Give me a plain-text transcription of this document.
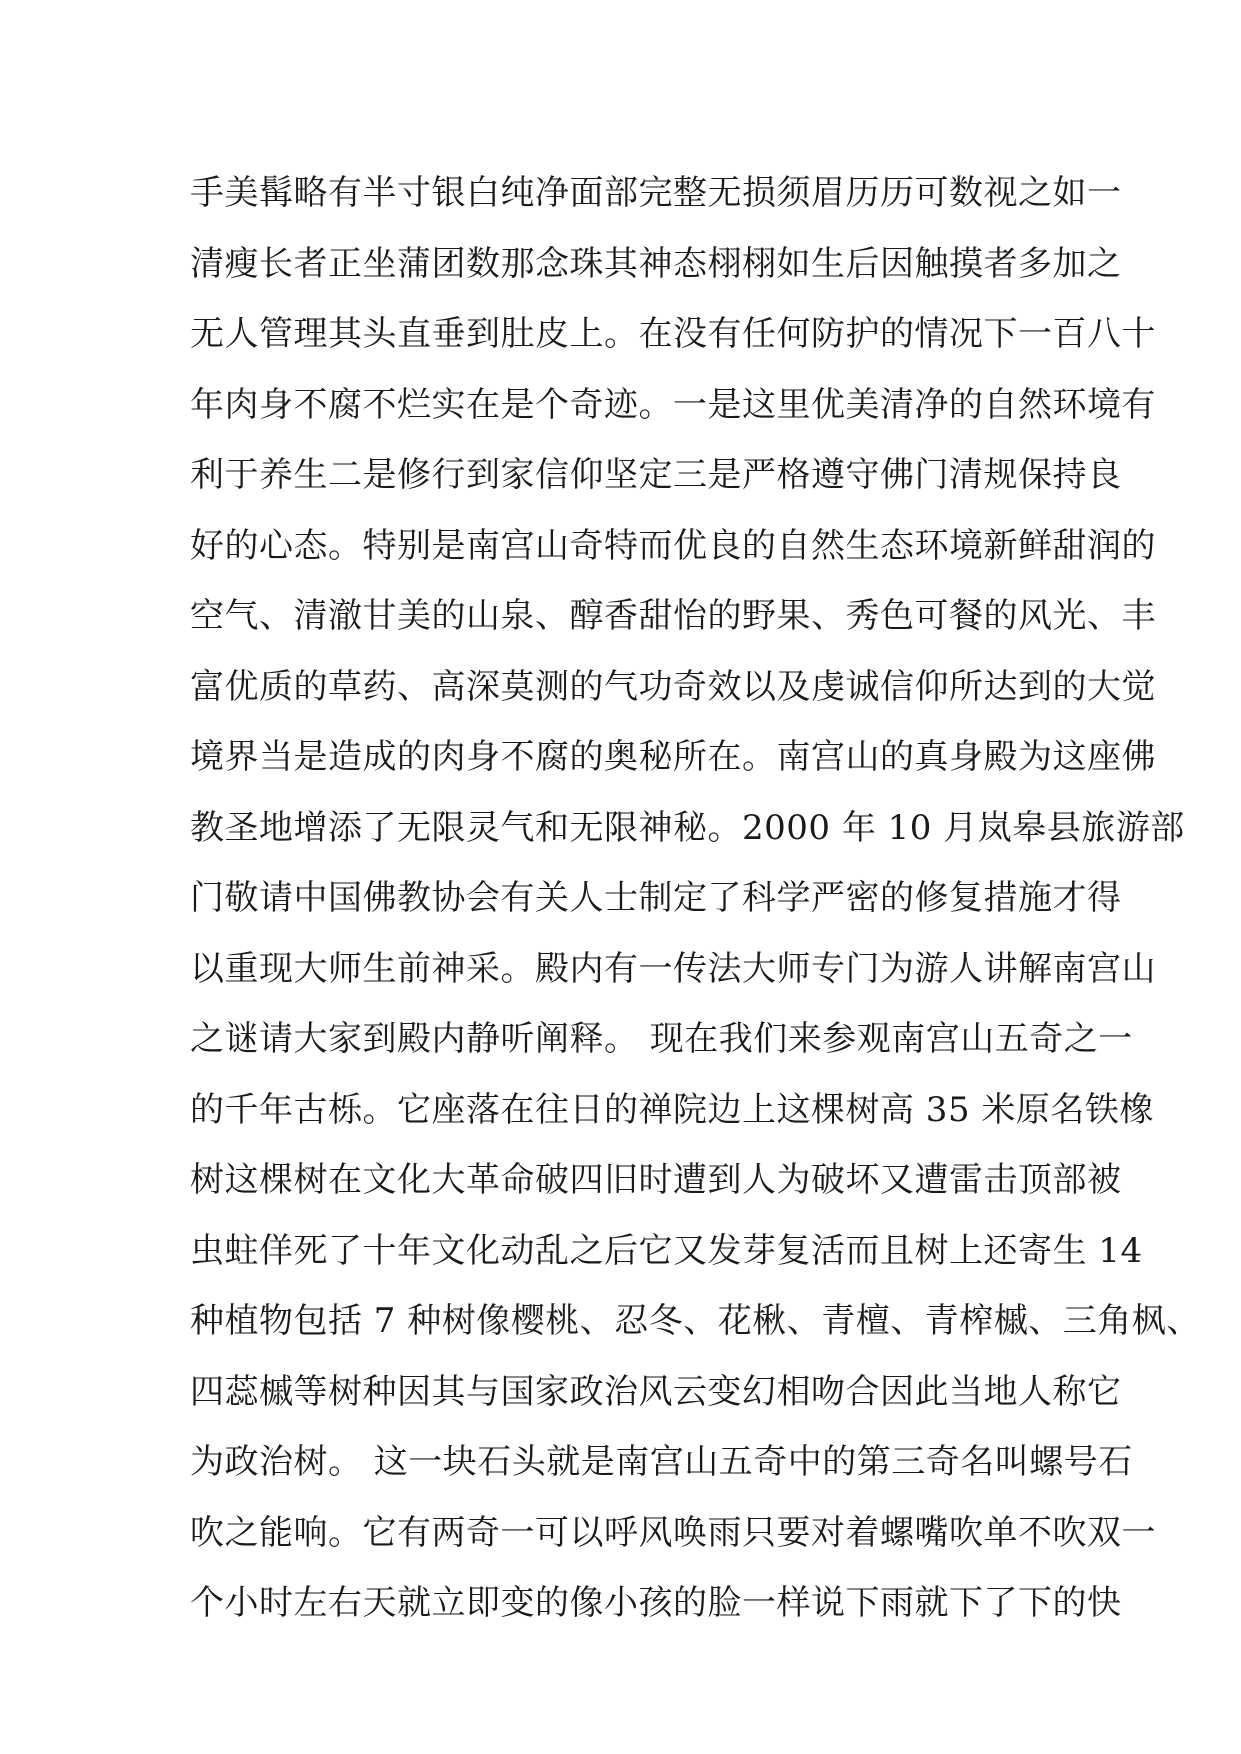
手美髯略有半寸银白纯净面部完整无损须眉历历可数视之如一
清瘦长者正坐蒲团数那念珠其神态栩栩如生后因触摸者多加之
无人管理其头直垂到肚皮上。在没有任何防护的情况下一百八十
年肉身不腐不烂实在是个奇迹。一是这里优美清净的自然环境有
利于养生二是修行到家信仰坚定三是严格遵守佛门清规保持良
好的心态。特别是南宫山奇特而优良的自然生态环境新鲜甜润的
空气、清澈甘美的山泉、醇香甜怡的野果、秀色可餐的风光、丰
富优质的草药、高深莫测的气功奇效以及虔诚信仰所达到的大觉
境界当是造成的肉身不腐的奥秘所在。南宫山的真身殿为这座佛
教圣地增添了无限灵气和无限神秘。2000 年 10 月岚皋县旅游部
门敬请中国佛教协会有关人士制定了科学严密的修复措施才得
以重现大师生前神采。殿内有一传法大师专门为游人讲解南宫山
之谜请大家到殿内静听阐释。 现在我们来参观南宫山五奇之一
的千年古栎。它座落在往日的禅院边上这棵树高 35 米原名铁橡
树这棵树在文化大革命破四旧时遭到人为破坏又遭雷击顶部被
虫蛀佯死了十年文化动乱之后它又发芽复活而且树上还寄生 14
种植物包括 7 种树像樱桃、忍冬、花楸、青檀、青榨槭、三角枫、
四蕊槭等树种因其与国家政治风云变幻相吻合因此当地人称它
为政治树。 这一块石头就是南宫山五奇中的第三奇名叫螺号石
吹之能响。它有两奇一可以呼风唤雨只要对着螺嘴吹单不吹双一
个小时左右天就立即变的像小孩的脸一样说下雨就下了下的快
